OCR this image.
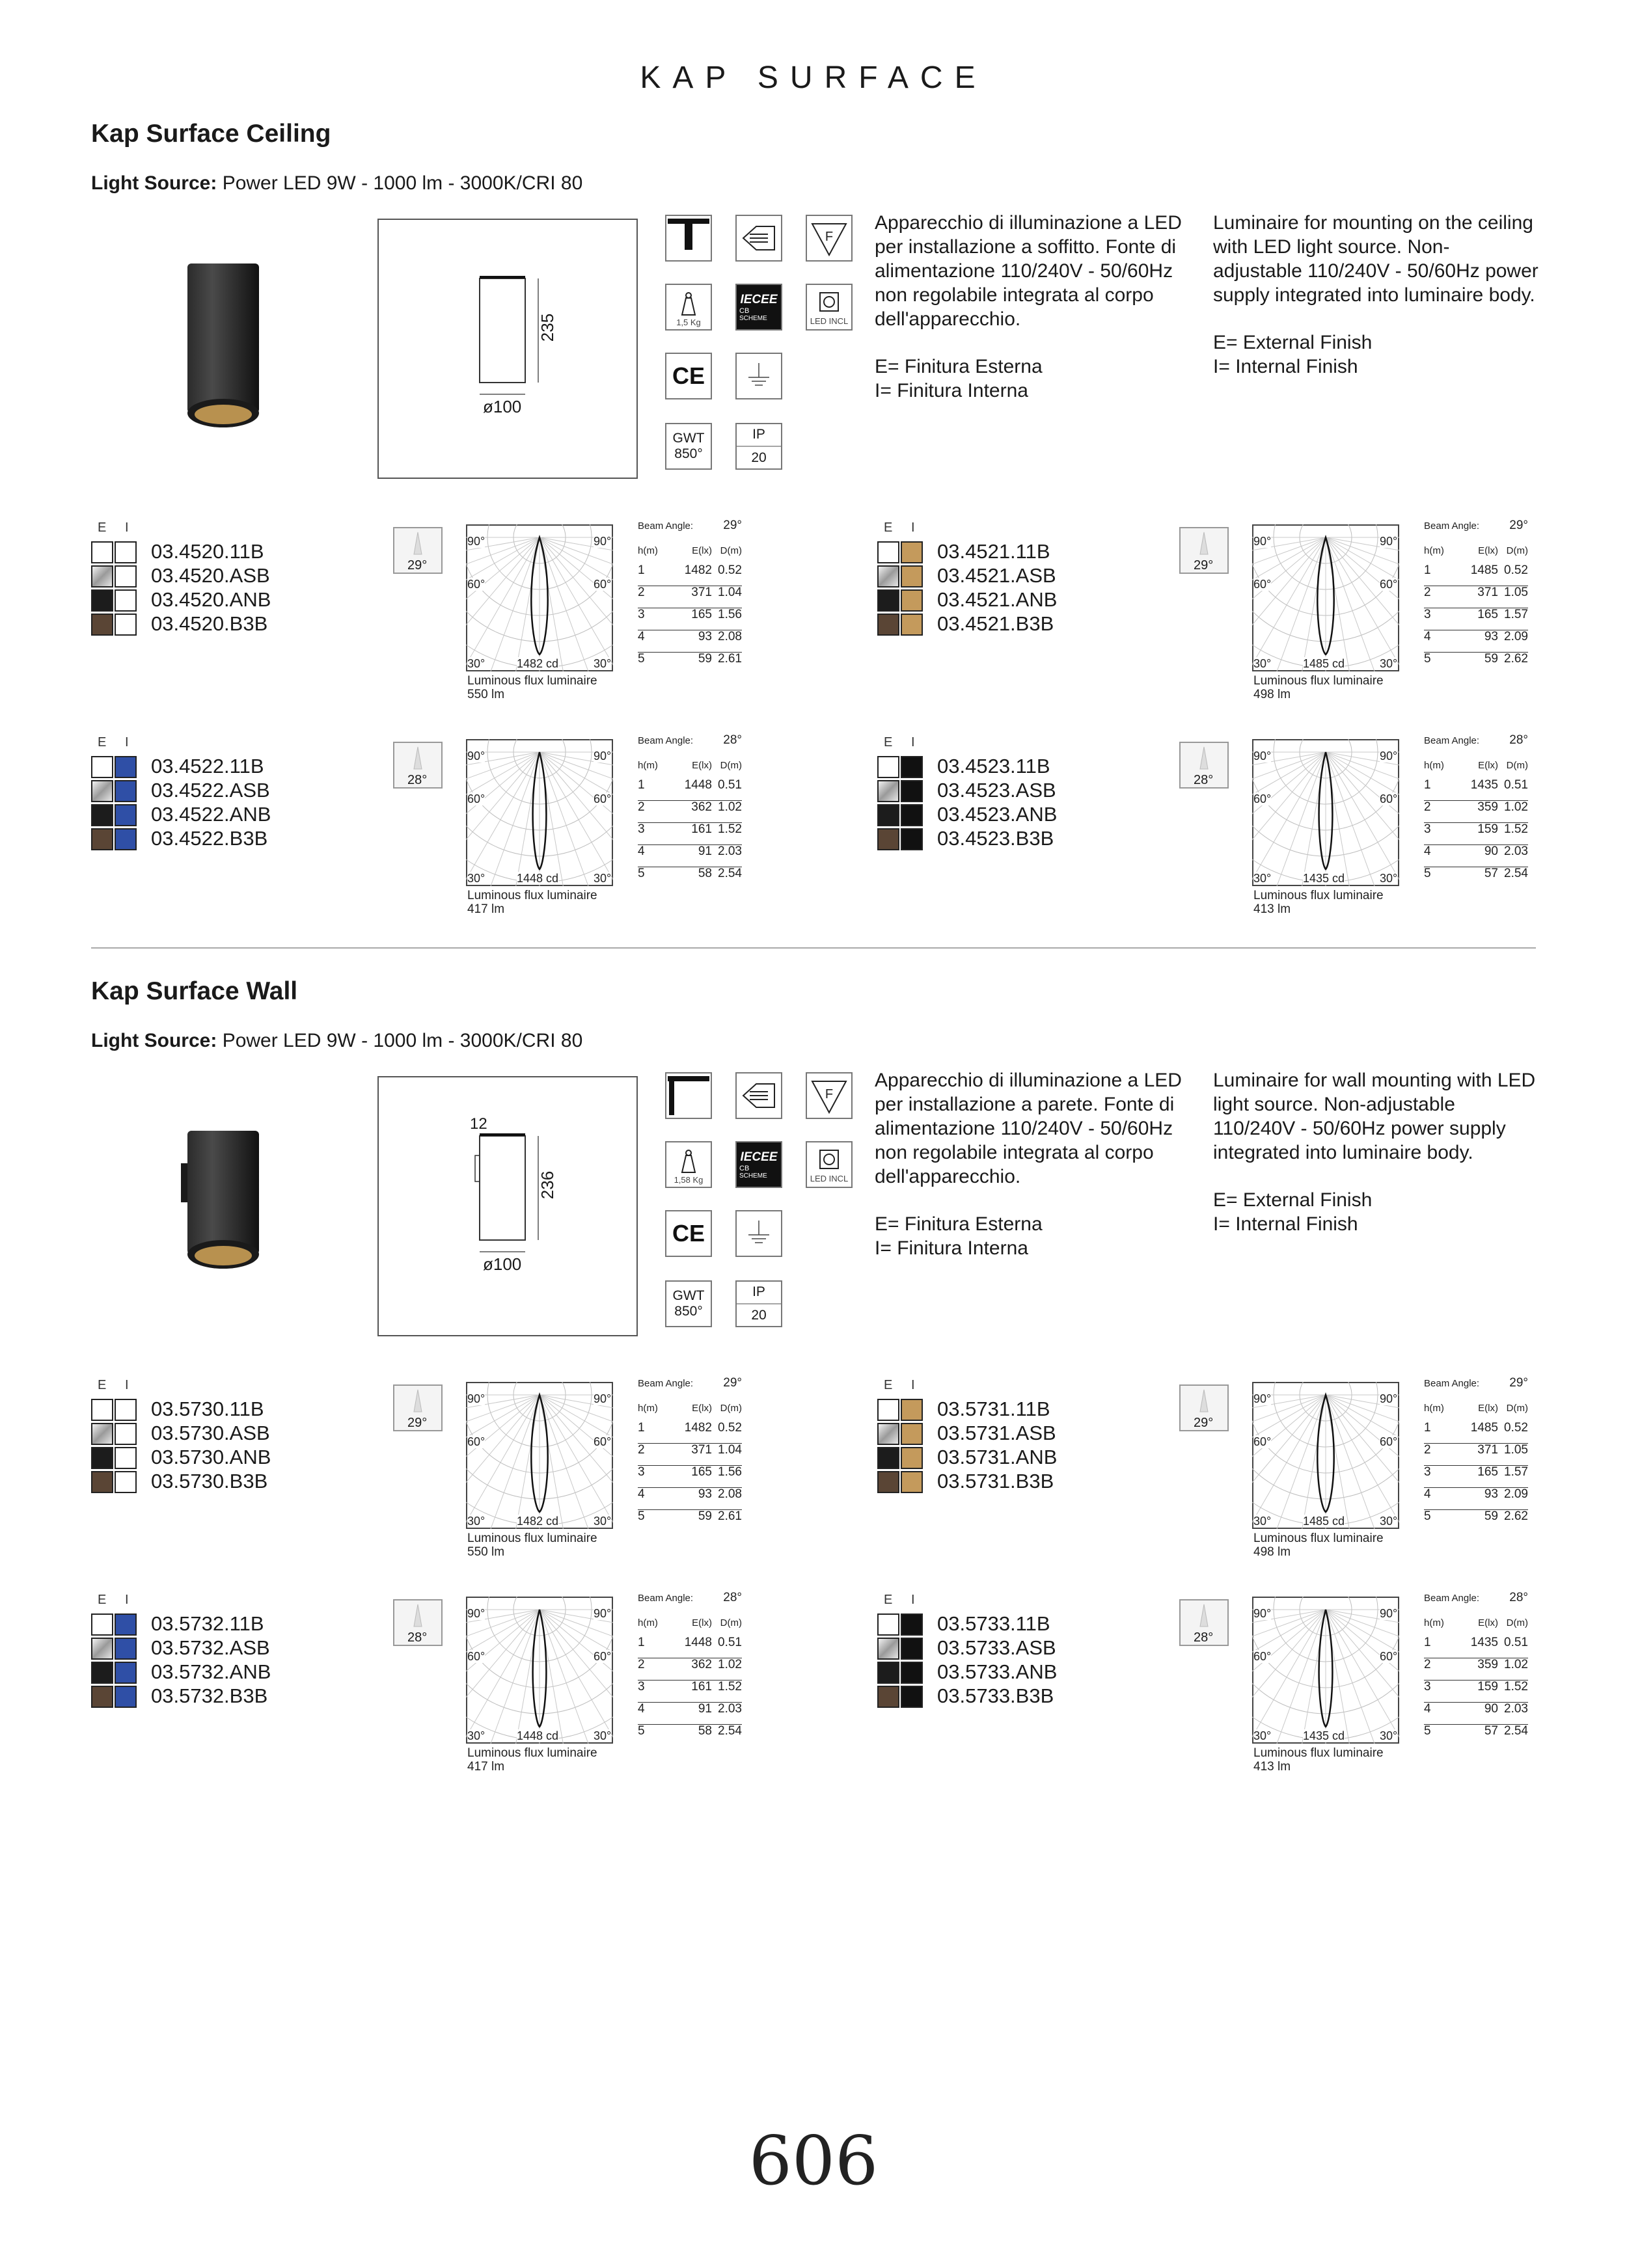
KAP SURFACE
Kap Surface Ceiling
Light Source: Power LED 9W - 1000 lm - 3000K/CRI 80
235
ø100
F
1,5 Kg
IECEE
CB
SCHEME	LED INCL
CE
GWT
850°
IP
20

Apparecchio di illuminazione a LED per installazione a soffitto. Fonte di alimentazione 110/240V - 50/60Hz non regolabile integrata al corpo dell'apparecchio.

E= Finitura Esterna

I= Finitura Interna

Luminaire for mounting on the ceiling with LED light source. Non-adjustable 110/240V - 50/60Hz power supply integrated into luminaire body.

E= External Finish

I= Internal Finish

E I
03.4520.11B
03.4520.ASB
03.4520.ANB
03.4520.B3B
29°
90°	90°
60°	60°
30°	30°
1482 cd
Luminous flux luminaire
550 lm
Beam Angle: 29°
h(m)	E(lx) D(m)
1	1482 0.52
2	371 1.04
3	165 1.56
4	93 2.08
5	59 2.61
E I
03.4521.11B
03.4521.ASB
03.4521.ANB
03.4521.B3B
29°
90°	90°
60°	60°
30°	30°
1485 cd
Luminous flux luminaire
498 lm
Beam Angle: 29°
h(m)	E(lx) D(m)
1	1485 0.52
2	371 1.05
3	165 1.57
4	93 2.09
5	59 2.62
E I
03.4522.11B
03.4522.ASB
03.4522.ANB
03.4522.B3B
28°
90°	90°
60°	60°
30°	30°
1448 cd
Luminous flux luminaire
417 lm
Beam Angle: 28°
h(m)	E(lx) D(m)
1	1448 0.51
2	362 1.02
3	161 1.52
4	91 2.03
5	58 2.54
E I
03.4523.11B
03.4523.ASB
03.4523.ANB
03.4523.B3B
28°
90°	90°
60°	60°
30°	30°
1435 cd
Luminous flux luminaire
413 lm
Beam Angle: 28°
h(m)	E(lx) D(m)
1	1435 0.51
2	359 1.02
3	159 1.52
4	90 2.03
5	57 2.54
Kap Surface Wall
Light Source: Power LED 9W - 1000 lm - 3000K/CRI 80
236
ø100
12
F
1,58 Kg
IECEE
CB
SCHEME	LED INCL
CE
GWT
850°
IP
20

Apparecchio di illuminazione a LED per installazione a parete. Fonte di alimentazione 110/240V - 50/60Hz non regolabile integrata al corpo dell'apparecchio.

E= Finitura Esterna

I= Finitura Interna

Luminaire for wall mounting with LED light source. Non-adjustable 110/240V - 50/60Hz power supply integrated into luminaire body.

E= External Finish

I= Internal Finish

E I
03.5730.11B
03.5730.ASB
03.5730.ANB
03.5730.B3B
29°
90°	90°
60°	60°
30°	30°
1482 cd
Luminous flux luminaire
550 lm
Beam Angle: 29°
h(m)	E(lx) D(m)
1	1482 0.52
2	371 1.04
3	165 1.56
4	93 2.08
5	59 2.61
E I
03.5731.11B
03.5731.ASB
03.5731.ANB
03.5731.B3B
29°
90°	90°
60°	60°
30°	30°
1485 cd
Luminous flux luminaire
498 lm
Beam Angle: 29°
h(m)	E(lx) D(m)
1	1485 0.52
2	371 1.05
3	165 1.57
4	93 2.09
5	59 2.62
E I
03.5732.11B
03.5732.ASB
03.5732.ANB
03.5732.B3B
28°
90°	90°
60°	60°
30°	30°
1448 cd
Luminous flux luminaire
417 lm
Beam Angle: 28°
h(m)	E(lx) D(m)
1	1448 0.51
2	362 1.02
3	161 1.52
4	91 2.03
5	58 2.54
E I
03.5733.11B
03.5733.ASB
03.5733.ANB
03.5733.B3B
28°
90°	90°
60°	60°
30°	30°
1435 cd
Luminous flux luminaire
413 lm
Beam Angle: 28°
h(m)	E(lx) D(m)
1	1435 0.51
2	359 1.02
3	159 1.52
4	90 2.03
5	57 2.54
606
